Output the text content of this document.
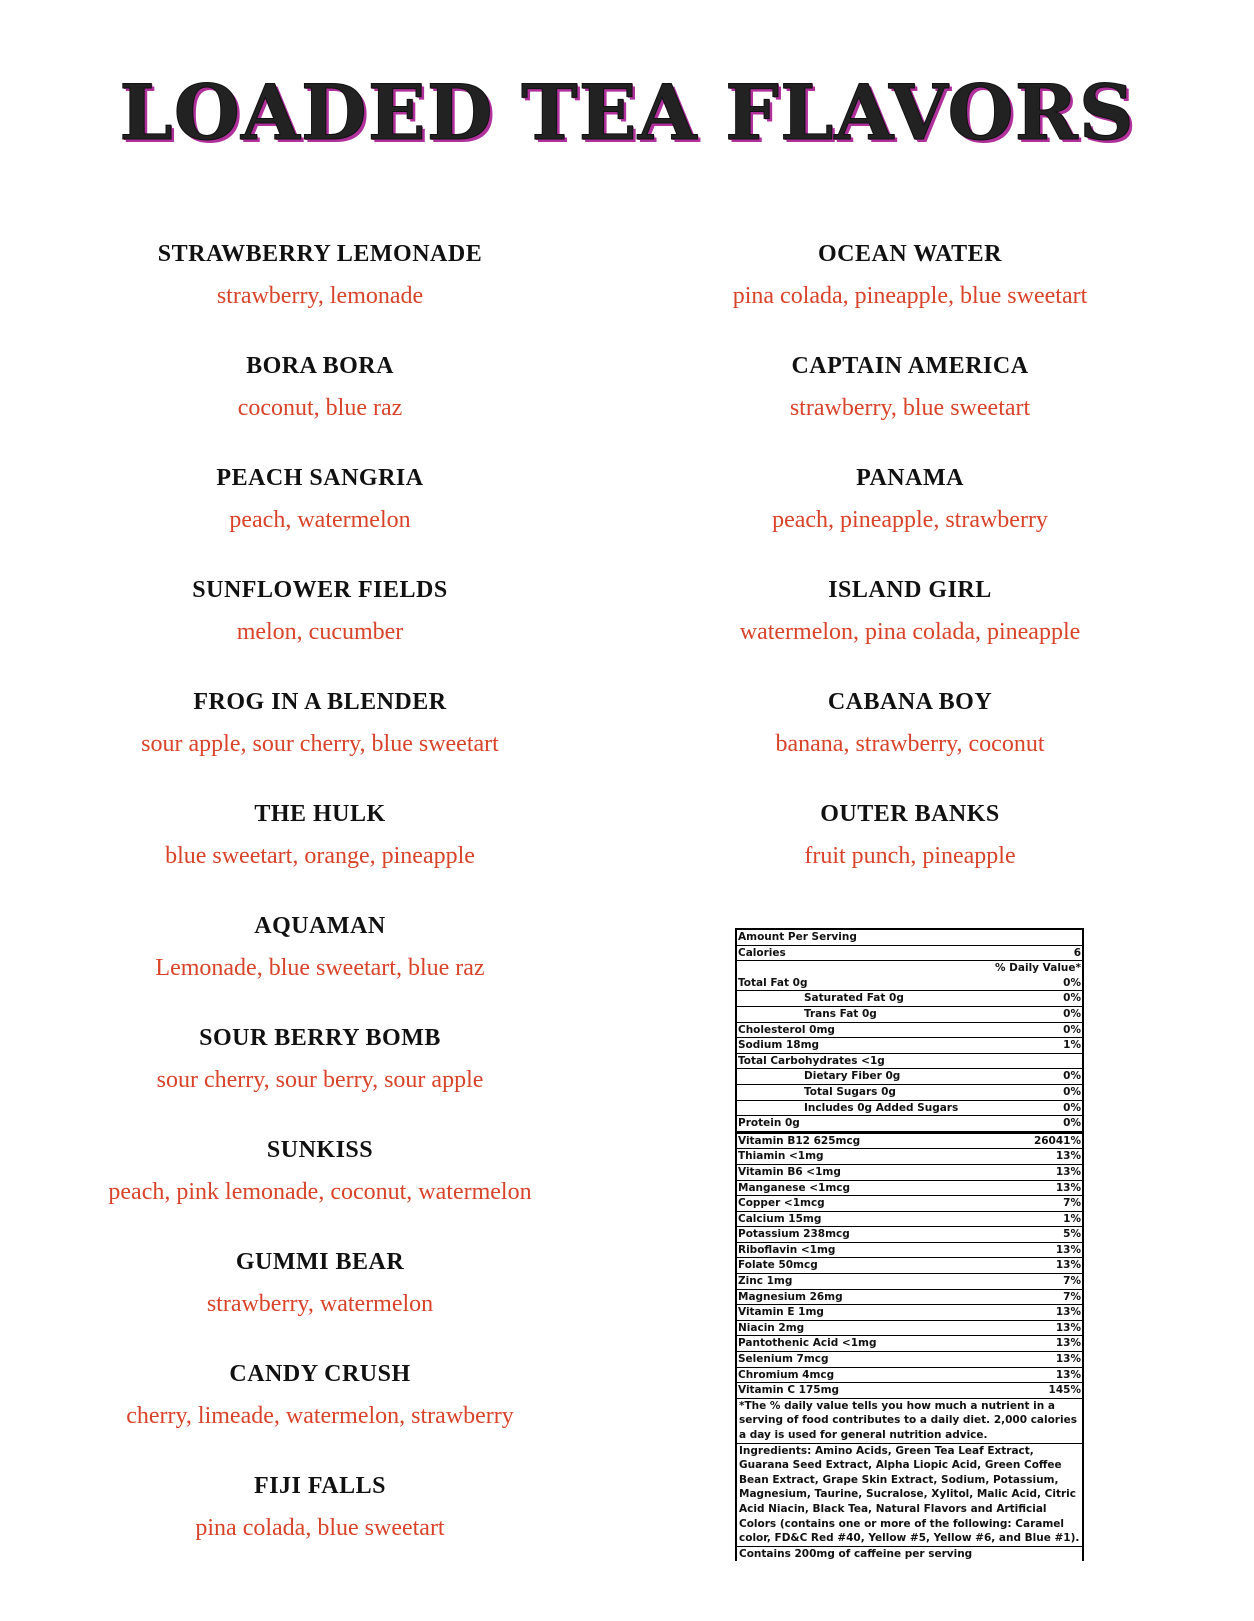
LOADED TEA FLAVORS
STRAWBERRY LEMONADE
strawberry, lemonade
BORA BORA
coconut, blue raz
PEACH SANGRIA
peach, watermelon
SUNFLOWER FIELDS
melon, cucumber
FROG IN A BLENDER
sour apple, sour cherry, blue sweetart
THE HULK
blue sweetart, orange, pineapple
AQUAMAN
Lemonade, blue sweetart, blue raz
SOUR BERRY BOMB
sour cherry, sour berry, sour apple
SUNKISS
peach, pink lemonade, coconut, watermelon
GUMMI BEAR
strawberry, watermelon
CANDY CRUSH
cherry, limeade, watermelon, strawberry
FIJI FALLS
pina colada, blue sweetart
OCEAN WATER
pina colada, pineapple, blue sweetart
CAPTAIN AMERICA
strawberry, blue sweetart
PANAMA
peach, pineapple, strawberry
ISLAND GIRL
watermelon, pina colada, pineapple
CABANA BOY
banana, strawberry, coconut
OUTER BANKS
fruit punch, pineapple
Amount Per Serving
Calories	6
% Daily Value*
Total Fat 0g	0%
Saturated Fat 0g	0%
Trans Fat 0g	0%
Cholesterol 0mg	0%
Sodium 18mg	1%
Total Carbohydrates <1g
Dietary Fiber 0g	0%
Total Sugars 0g	0%
Includes 0g Added Sugars	0%
Protein 0g	0%
Vitamin B12 625mcg	26041%
Thiamin <1mg	13%
Vitamin B6 <1mg	13%
Manganese <1mcg	13%
Copper <1mcg	7%
Calcium 15mg	1%
Potassium 238mcg	5%
Riboflavin <1mg	13%
Folate 50mcg	13%
Zinc 1mg	7%
Magnesium 26mg	7%
Vitamin E 1mg	13%
Niacin 2mg	13%
Pantothenic Acid <1mg	13%
Selenium 7mcg	13%
Chromium 4mcg	13%
Vitamin C 175mg	145%

*The % daily value tells you how much a nutrient in a serving of food contributes to a daily diet. 2,000 calories a day is used for general nutrition advice.

Ingredients: Amino Acids, Green Tea Leaf Extract, Guarana Seed Extract, Alpha Liopic Acid, Green Coffee Bean Extract, Grape Skin Extract, Sodium, Potassium, Magnesium, Taurine, Sucralose, Xylitol, Malic Acid, Citric Acid Niacin, Black Tea, Natural Flavors and Artificial Colors (contains one or more of the following: Caramel color, FD&C Red #40, Yellow #5, Yellow #6, and Blue #1).
Contains 200mg of caffeine per serving
